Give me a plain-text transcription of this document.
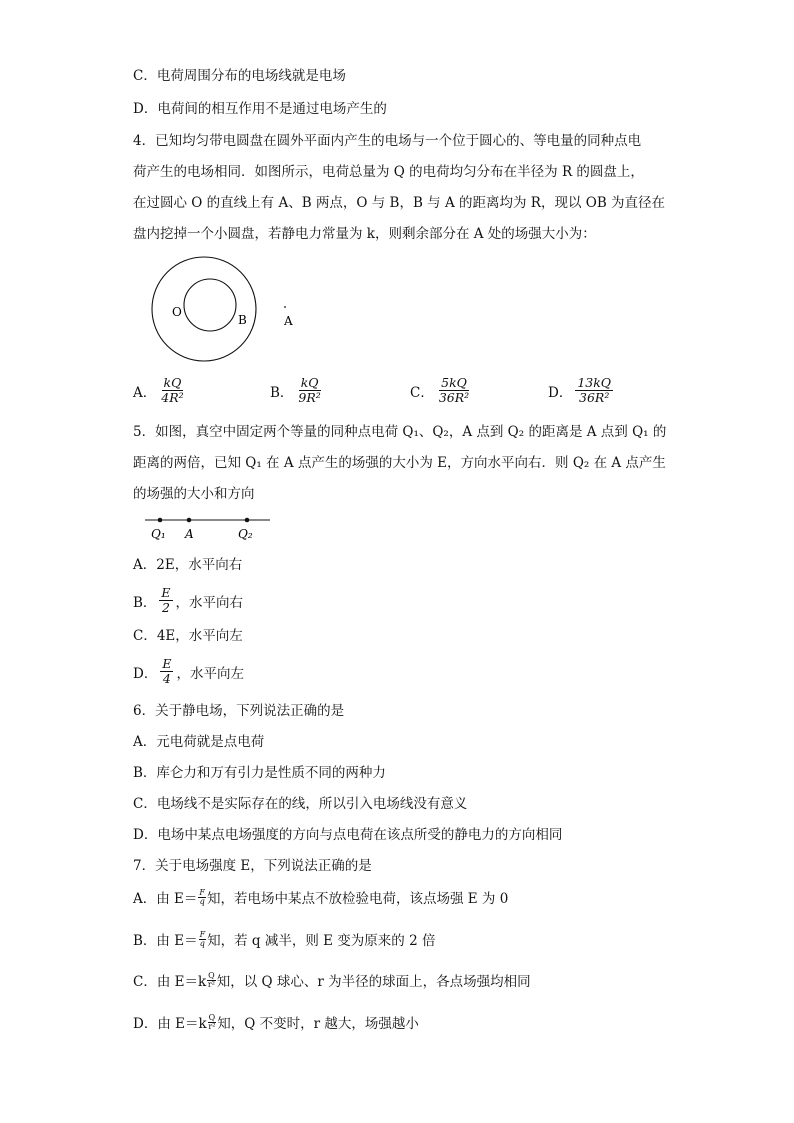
C．电荷周围分布的电场线就是电场
D．电荷间的相互作用不是通过电场产生的
4．已知均匀带电圆盘在圆外平面内产生的电场与一个位于圆心的、等电量的同种点电
荷产生的电场相同．如图所示，电荷总量为 Q 的电荷均匀分布在半径为 R 的圆盘上，
在过圆心 O 的直线上有 A、B 两点，O 与 B，B 与 A 的距离均为 R，现以 OB 为直径在
盘内挖掉一个小圆盘，若静电力常量为 k，则剩余部分在 A 处的场强大小为：
O
B	A
A． $\frac{kQ}{\text{4R²}}$	B． $\frac{kQ}{\text{9R²}}$	C． $\frac{5kQ}{\text{36R²}}$	D． $\frac{13kQ}{\text{36R²}}$
5．如图，真空中固定两个等量的同种点电荷 Q₁、Q₂，A 点到 Q₂ 的距离是 A 点到 Q₁ 的
距离的两倍，已知 Q₁ 在 A 点产生的场强的大小为 E，方向水平向右．则 Q₂ 在 A 点产生
的场强的大小和方向
Q₁ A	Q₂
A．2E，水平向右
B． $\frac{E}{2}$ ，水平向右
C．4E，水平向左
D． $\frac{E}{4}$ ，水平向左
6．关于静电场，下列说法正确的是
A．元电荷就是点电荷
B．库仑力和万有引力是性质不同的两种力
C．电场线不是实际存在的线，所以引入电场线没有意义
D．电场中某点电场强度的方向与点电荷在该点所受的静电力的方向相同
7．关于电场强度 E，下列说法正确的是
A．由 $E= \frac{F}{q}$ 知，若电场中某点不放检验电荷，该点场强 E 为 0
B．由 $E= \frac{F}{q}$ 知，若 q 减半，则 E 变为原来的 2 倍
C．由 $E=k \frac{Q}{\text{r²}}$ 知，以 Q 球心、r 为半径的球面上，各点场强均相同
D．由 $E=k \frac{Q}{\text{r²}}$ 知，Q 不变时，r 越大，场强越小
